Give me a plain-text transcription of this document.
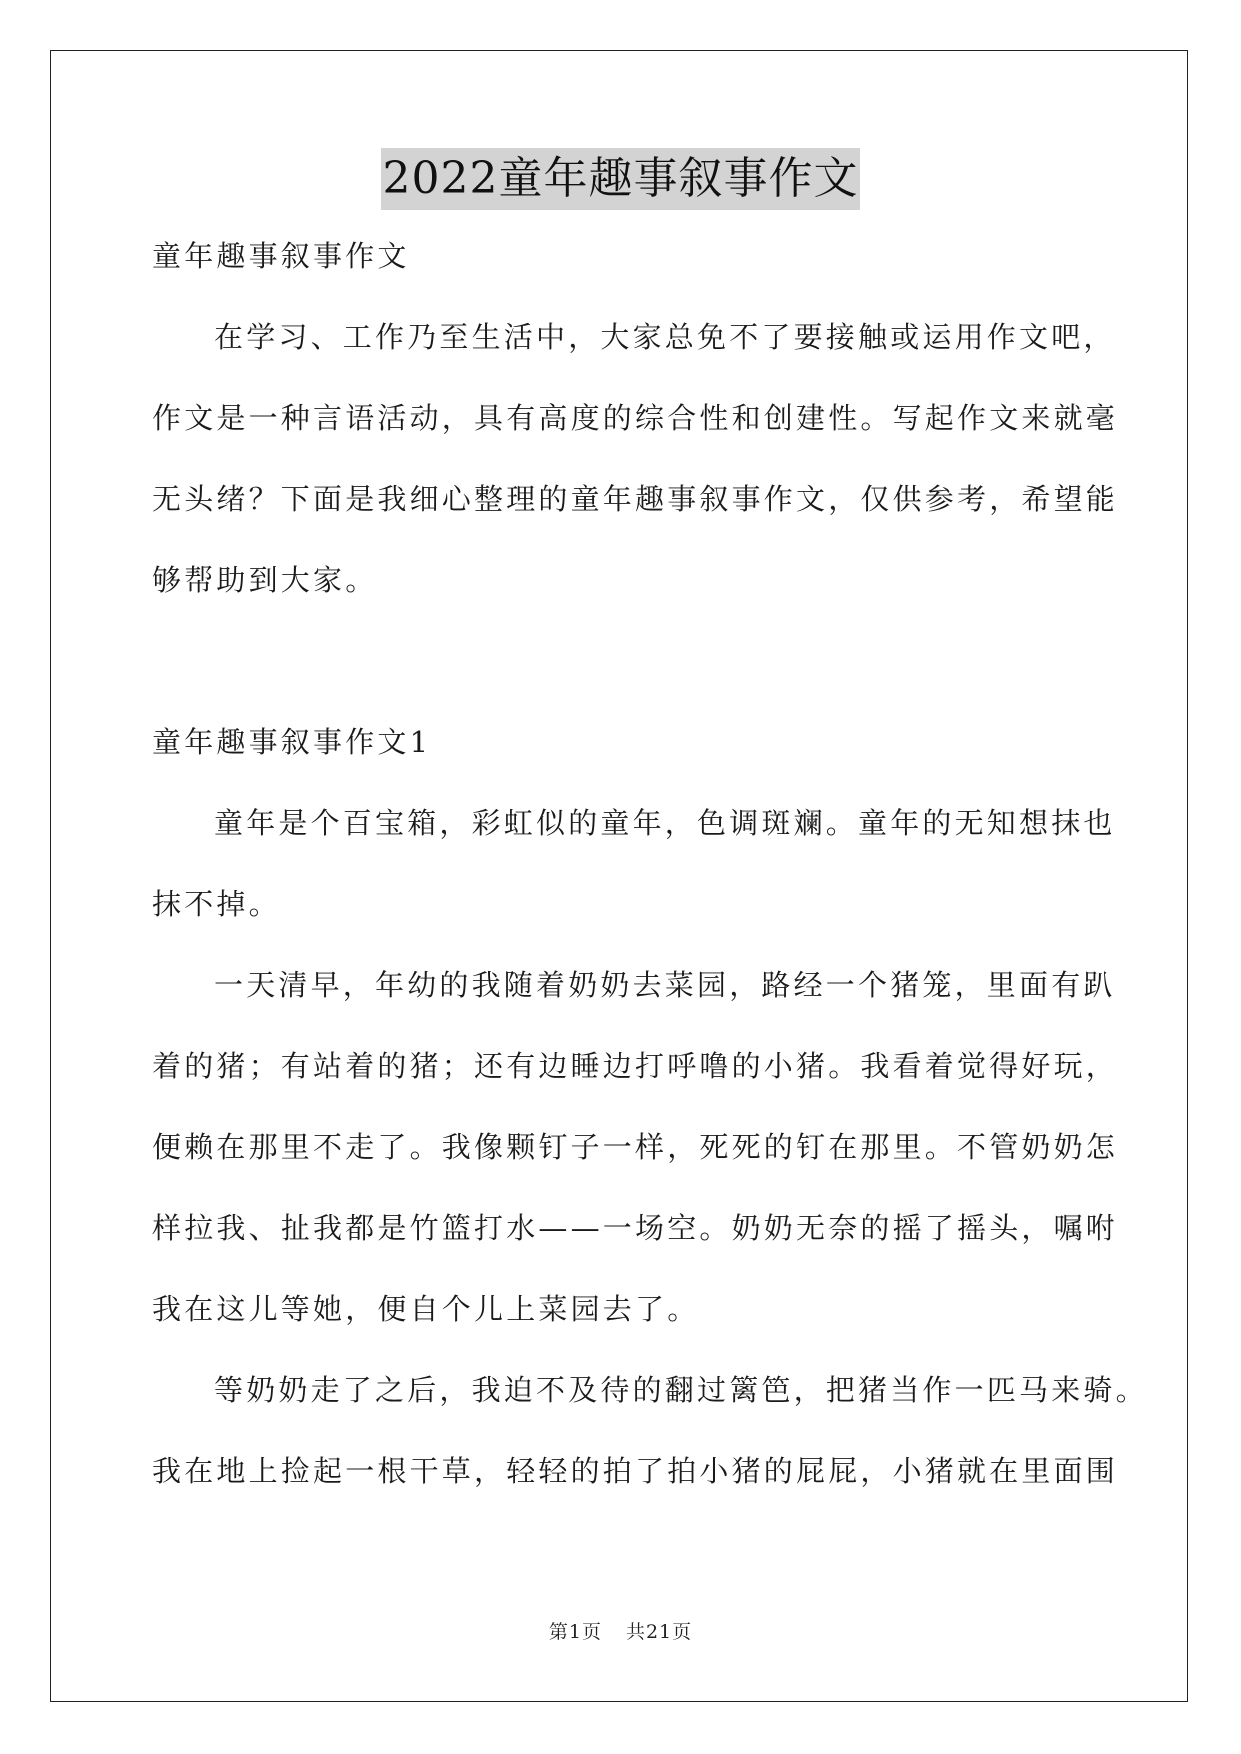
2022童年趣事叙事作文
童年趣事叙事作文
在学习、工作乃至生活中，大家总免不了要接触或运用作文吧，
作文是一种言语活动，具有高度的综合性和创建性。写起作文来就毫
无头绪？下面是我细心整理的童年趣事叙事作文，仅供参考，希望能
够帮助到大家。
童年趣事叙事作文1
童年是个百宝箱，彩虹似的童年，色调斑斓。童年的无知想抹也
抹不掉。
一天清早，年幼的我随着奶奶去菜园，路经一个猪笼，里面有趴
着的猪；有站着的猪；还有边睡边打呼噜的小猪。我看着觉得好玩，
便赖在那里不走了。我像颗钉子一样，死死的钉在那里。不管奶奶怎
样拉我、扯我都是竹篮打水——一场空。奶奶无奈的摇了摇头，嘱咐
我在这儿等她，便自个儿上菜园去了。
等奶奶走了之后，我迫不及待的翻过篱笆，把猪当作一匹马来骑。
我在地上捡起一根干草，轻轻的拍了拍小猪的屁屁，小猪就在里面围
第1页 共21页
